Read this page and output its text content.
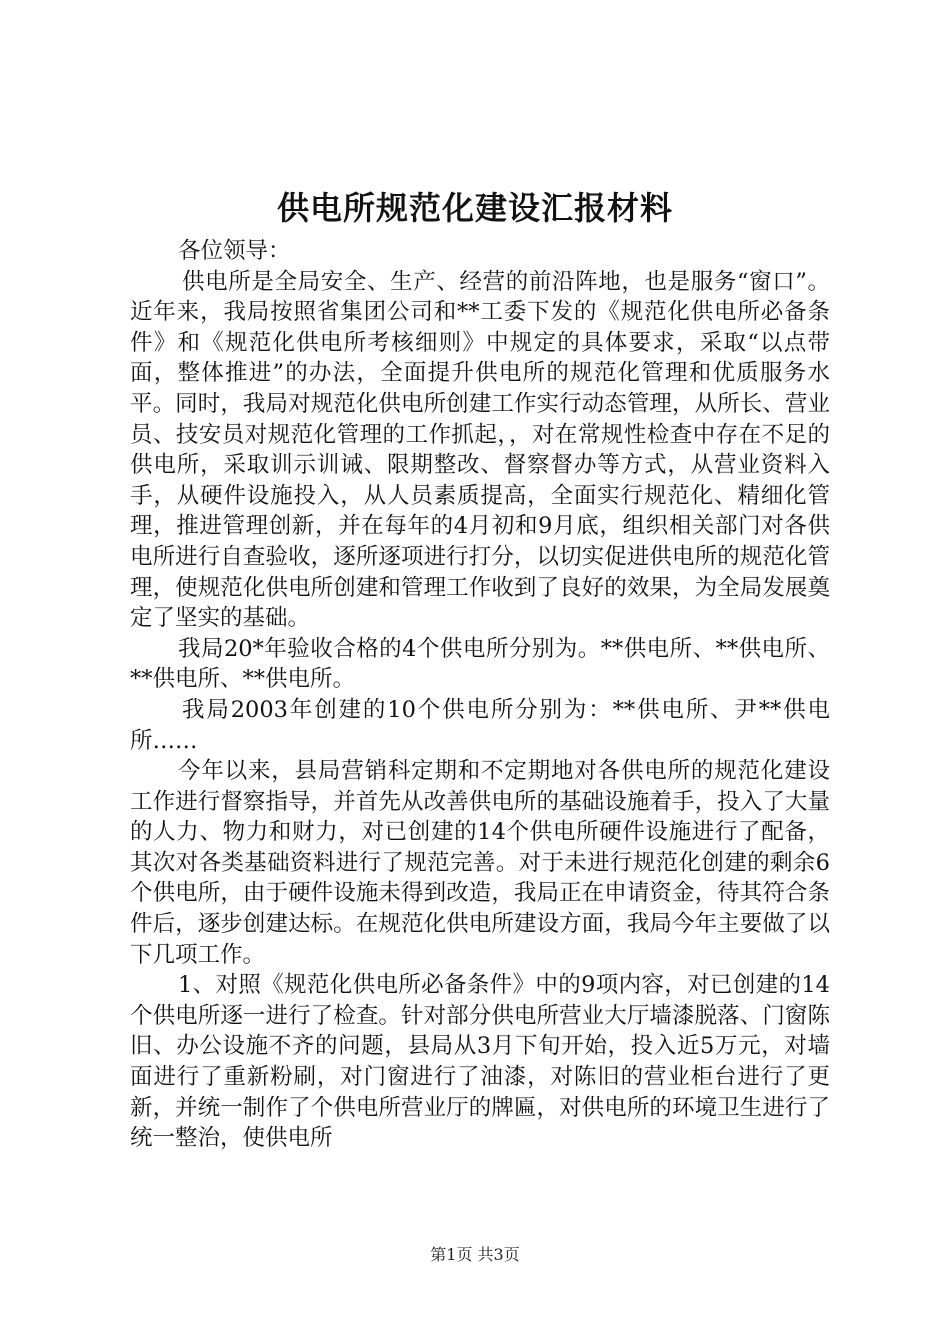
供电所规范化建设汇报材料

各位领导：

供电所是全局安全、生产、经营的前沿阵地，也是服务“窗口”。近年来，我局按照省集团公司和**工委下发的《规范化供电所必备条件》和《规范化供电所考核细则》中规定的具体要求，采取“以点带面，整体推进”的办法，全面提升供电所的规范化管理和优质服务水平。同时，我局对规范化供电所创建工作实行动态管理，从所长、营业员、技安员对规范化管理的工作抓起，，对在常规性检查中存在不足的供电所，采取训示训诫、限期整改、督察督办等方式，从营业资料入手，从硬件设施投入，从人员素质提高，全面实行规范化、精细化管理，推进管理创新，并在每年的4月初和9月底，组织相关部门对各供电所进行自查验收，逐所逐项进行打分，以切实促进供电所的规范化管理，使规范化供电所创建和管理工作收到了良好的效果，为全局发展奠定了坚实的基础。

我局20*年验收合格的4个供电所分别为。**供电所、**供电所、**供电所、**供电所。

我局2003年创建的10个供电所分别为：**供电所、尹**供电所……

今年以来，县局营销科定期和不定期地对各供电所的规范化建设工作进行督察指导，并首先从改善供电所的基础设施着手，投入了大量的人力、物力和财力，对已创建的14个供电所硬件设施进行了配备，其次对各类基础资料进行了规范完善。对于未进行规范化创建的剩余6个供电所，由于硬件设施未得到改造，我局正在申请资金，待其符合条件后，逐步创建达标。在规范化供电所建设方面，我局今年主要做了以下几项工作。

1、对照《规范化供电所必备条件》中的9项内容，对已创建的14个供电所逐一进行了检查。针对部分供电所营业大厅墙漆脱落、门窗陈旧、办公设施不齐的问题，县局从3月下旬开始，投入近5万元，对墙面进行了重新粉刷，对门窗进行了油漆，对陈旧的营业柜台进行了更新，并统一制作了个供电所营业厅的牌匾，对供电所的环境卫生进行了统一整治，使供电所

第1页 共3页
